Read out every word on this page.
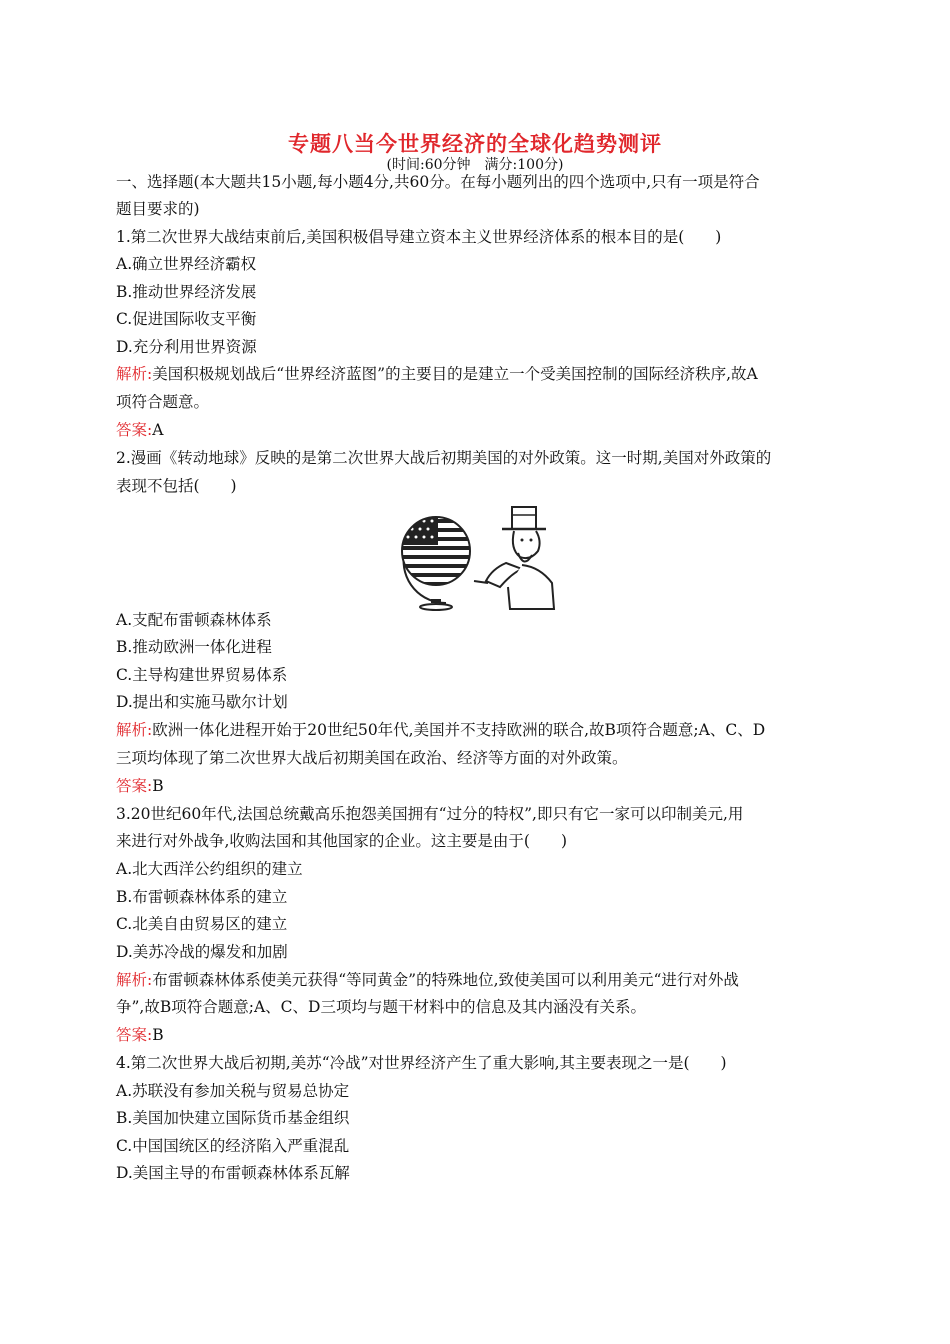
专题八当今世界经济的全球化趋势测评
(时间:60分钟　满分:100分)
一、选择题(本大题共15小题,每小题4分,共60分。在每小题列出的四个选项中,只有一项是符合
题目要求的)
1.第二次世界大战结束前后,美国积极倡导建立资本主义世界经济体系的根本目的是(　　)
A.确立世界经济霸权
B.推动世界经济发展
C.促进国际收支平衡
D.充分利用世界资源
解析:美国积极规划战后“世界经济蓝图”的主要目的是建立一个受美国控制的国际经济秩序,故A
项符合题意。
答案:A
2.漫画《转动地球》反映的是第二次世界大战后初期美国的对外政策。这一时期,美国对外政策的
表现不包括(　　)
A.支配布雷顿森林体系
B.推动欧洲一体化进程
C.主导构建世界贸易体系
D.提出和实施马歇尔计划
解析:欧洲一体化进程开始于20世纪50年代,美国并不支持欧洲的联合,故B项符合题意;A、C、D
三项均体现了第二次世界大战后初期美国在政治、经济等方面的对外政策。
答案:B
3.20世纪60年代,法国总统戴高乐抱怨美国拥有“过分的特权”,即只有它一家可以印制美元,用
来进行对外战争,收购法国和其他国家的企业。这主要是由于(　　)
A.北大西洋公约组织的建立
B.布雷顿森林体系的建立
C.北美自由贸易区的建立
D.美苏冷战的爆发和加剧
解析:布雷顿森林体系使美元获得“等同黄金”的特殊地位,致使美国可以利用美元“进行对外战
争”,故B项符合题意;A、C、D三项均与题干材料中的信息及其内涵没有关系。
答案:B
4.第二次世界大战后初期,美苏“冷战”对世界经济产生了重大影响,其主要表现之一是(　　)
A.苏联没有参加关税与贸易总协定
B.美国加快建立国际货币基金组织
C.中国国统区的经济陷入严重混乱
D.美国主导的布雷顿森林体系瓦解
